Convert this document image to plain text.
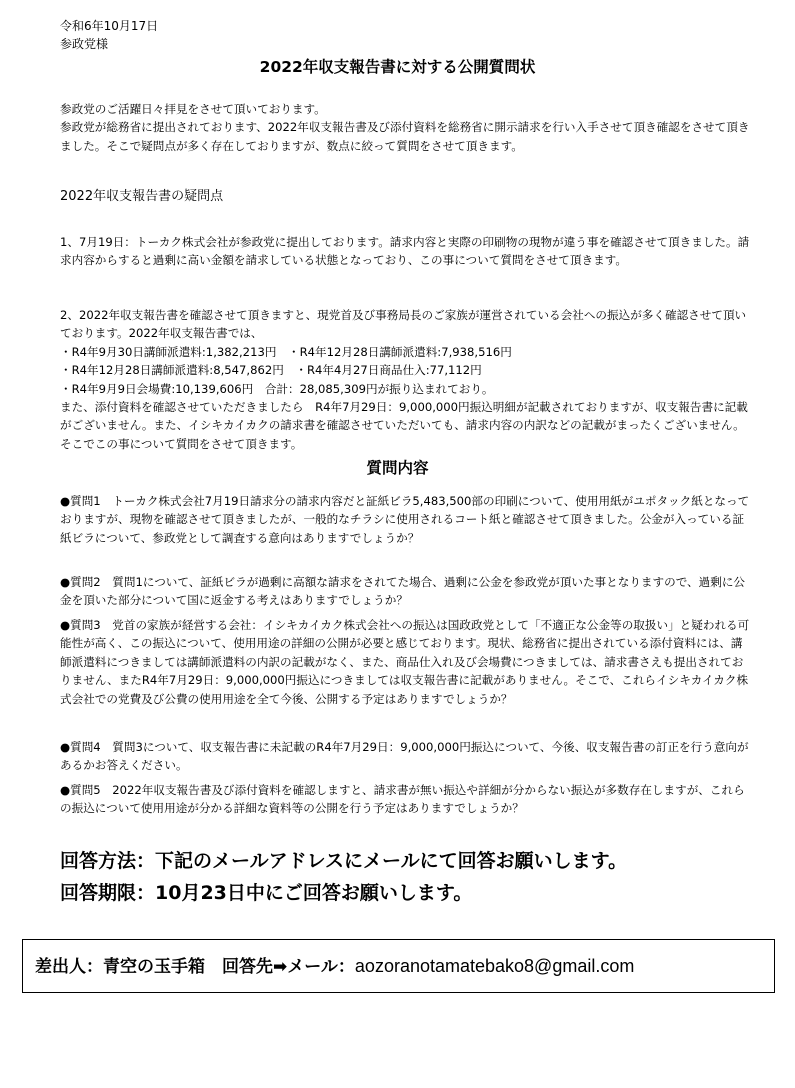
令和6年10月17日
参政党様
2022年収支報告書に対する公開質問状

参政党のご活躍日々拝見をさせて頂いております。

参政党が総務省に提出されております、2022年収支報告書及び添付資料を総務省に開示請求を行い入手させて頂き確認をさせて頂きました。そこで疑問点が多く存在しておりますが、数点に絞って質問をさせて頂きます。

2022年収支報告書の疑問点

1、7月19日：トーカク株式会社が参政党に提出しております。請求内容と実際の印刷物の現物が違う事を確認させて頂きました。請求内容からすると過剰に高い金額を請求している状態となっており、この事について質問をさせて頂きます。

2、2022年収支報告書を確認させて頂きますと、現党首及び事務局長のご家族が運営されている会社への振込が多く確認させて頂いております。2022年収支報告書では、

・R4年9月30日講師派遣料:1,382,213円　・R4年12月28日講師派遣料:7,938,516円

・R4年12月28日講師派遣料:8,547,862円　・R4年4月27日商品仕入:77,112円

・R4年9月9日会場費:10,139,606円　合計：28,085,309円が振り込まれており。

また、添付資料を確認させていただきましたら　R4年7月29日：9,000,000円振込明細が記載されておりますが、収支報告書に記載がございません。また、イシキカイカクの請求書を確認させていただいても、請求内容の内訳などの記載がまったくございません。そこでこの事について質問をさせて頂きます。

質問内容

●質問1　トーカク株式会社7月19日請求分の請求内容だと証紙ビラ5,483,500部の印刷について、使用用紙がユポタック紙となっておりますが、現物を確認させて頂きましたが、一般的なチラシに使用されるコート紙と確認させて頂きました。公金が入っている証紙ビラについて、参政党として調査する意向はありますでしょうか？

●質問2　質問1について、証紙ビラが過剰に高額な請求をされてた場合、過剰に公金を参政党が頂いた事となりますので、過剰に公金を頂いた部分について国に返金する考えはありますでしょうか？

●質問3　党首の家族が経営する会社：イシキカイカク株式会社への振込は国政政党として「不適正な公金等の取扱い」と疑われる可能性が高く、この振込について、使用用途の詳細の公開が必要と感じております。現状、総務省に提出されている添付資料には、講師派遣料につきましては講師派遣料の内訳の記載がなく、また、商品仕入れ及び会場費につきましては、請求書さえも提出されておりません、またR4年7月29日：9,000,000円振込につきましては収支報告書に記載がありません。そこで、これらイシキカイカク株式会社での党費及び公費の使用用途を全て今後、公開する予定はありますでしょうか？

●質問4　質問3について、収支報告書に未記載のR4年7月29日：9,000,000円振込について、今後、収支報告書の訂正を行う意向があるかお答えください。

●質問5　2022年収支報告書及び添付資料を確認しますと、請求書が無い振込や詳細が分からない振込が多数存在しますが、これらの振込について使用用途が分かる詳細な資料等の公開を行う予定はありますでしょうか？

回答方法：下記のメールアドレスにメールにて回答お願いします。
回答期限：10月23日中にご回答お願いします。
差出人：青空の玉手箱　回答先➡メール：aozoranotamatebako8@gmail.com
